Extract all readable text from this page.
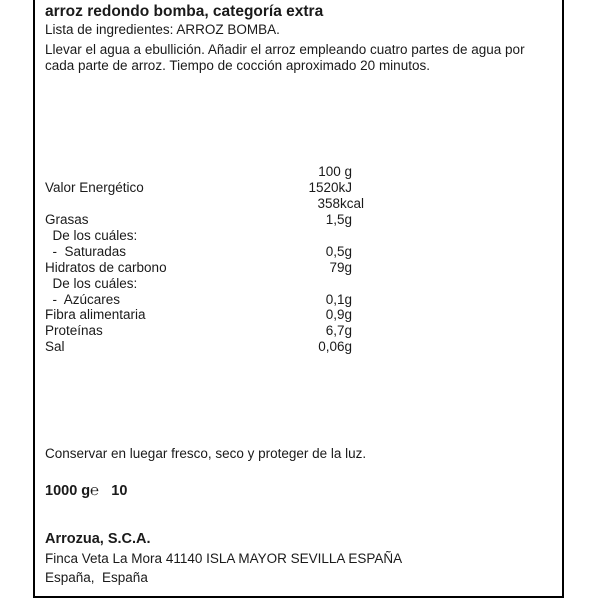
arroz redondo bomba, categoría extra
Lista de ingredientes: ARROZ BOMBA.
Llevar el agua a ebullición. Añadir el arroz empleando cuatro partes de agua por
cada parte de arroz. Tiempo de cocción aproximado 20 minutos.
100 g
Valor Energético	1520kJ
358kcal
Grasas	1,5g
De los cuáles:
-  Saturadas	0,5g
Hidratos de carbono	79g
De los cuáles:
-  Azúcares	0,1g
Fibra alimentaria	0,9g
Proteínas	6,7g
Sal	0,06g
Conservar en luegar fresco, seco y proteger de la luz.
1000 g℮ 10
Arrozua, S.C.A.
Finca Veta La Mora 41140 ISLA MAYOR SEVILLA ESPAÑA
España,  España
